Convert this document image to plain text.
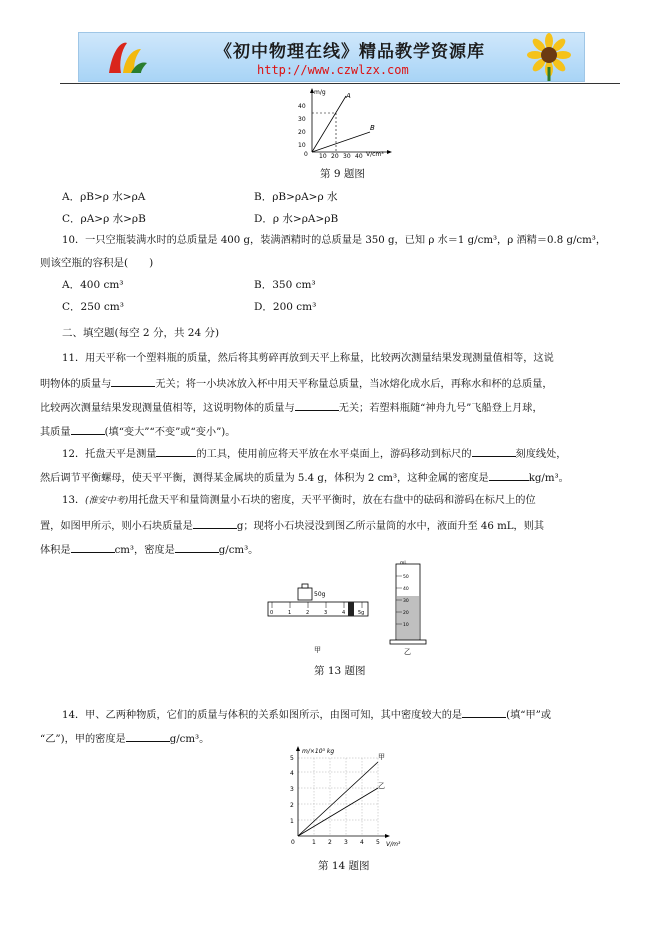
《初中物理在线》精品教学资源库
http://www.czwlzx.com
m/g
V/cm³
0
40
30
20
10
10 20 30 40
A
B
第 9 题图
A．ρB>ρ 水>ρA	B．ρB>ρA>ρ 水
C．ρA>ρ 水>ρB	D．ρ 水>ρA>ρB
10．一只空瓶装满水时的总质量是 400 g，装满酒精时的总质量是 350 g，已知 ρ 水＝1 g/cm³，ρ 酒精＝0.8 g/cm³，
则该空瓶的容积是(　　)
A．400 cm³	B．350 cm³
C．250 cm³	D．200 cm³
二、填空题(每空 2 分，共 24 分)
11．用天平称一个塑料瓶的质量，然后将其剪碎再放到天平上称量，比较两次测量结果发现测量值相等，这说
明物体的质量与	无关；将一小块冰放入杯中用天平称量总质量，当冰熔化成水后，再称水和杯的总质量，
比较两次测量结果发现测量值相等，这说明物体的质量与	无关；若塑料瓶随“神舟九号”飞船登上月球，
其质量	(填“变大”“不变”或“变小”)。
12．托盘天平是测量	的工具，使用前应将天平放在水平桌面上，游码移动到标尺的	刻度线处，
然后调节平衡螺母，使天平平衡，测得某金属块的质量为 5.4 g，体积为 2 cm³，这种金属的密度是	kg/m³。
13．(淮安中考)用托盘天平和量筒测量小石块的密度，天平平衡时，放在右盘中的砝码和游码在标尺上的位
置，如图甲所示，则小石块质量是	g；现将小石块浸没到图乙所示量筒的水中，液面升至 46 mL，则其
体积是	cm³，密度是	g/cm³。
50g
0	1	2	3	4	5g
甲
mL
50
40
30
20
10
乙
第 13 题图
14．甲、乙两种物质，它们的质量与体积的关系如图所示，由图可知，其中密度较大的是	(填“甲”或
“乙”)，甲的密度是	g/cm³。
m/×10³ kg
V/m³
0
5
4
3
2
1
1 2 3 4 5
甲
乙
第 14 题图
